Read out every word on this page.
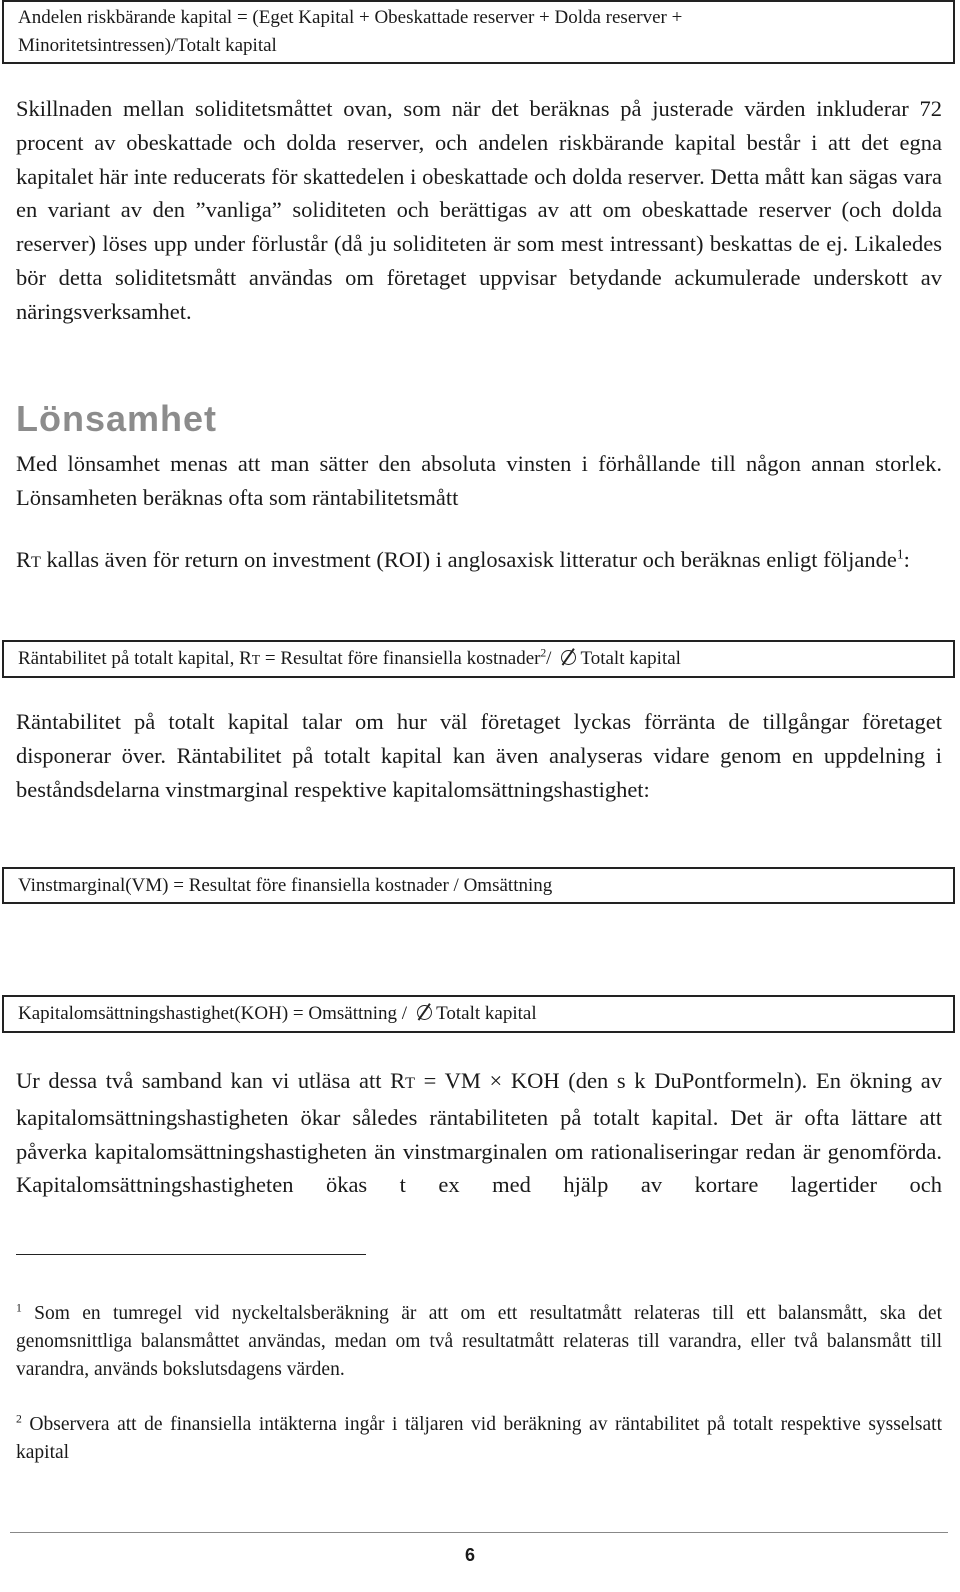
Andelen riskbärande kapital = (Eget Kapital + Obeskattade reserver + Dolda reserver +
Minoritetsintressen)/Totalt kapital

Skillnaden mellan soliditetsmåttet ovan, som när det beräknas på justerade värden inkluderar 72 procent av obeskattade och dolda reserver, och andelen riskbärande kapital består i att det egna kapitalet här inte reducerats för skattedelen i obeskattade och dolda reserver. Detta mått kan sägas vara en variant av den ”vanliga” soliditeten och berättigas av att om obeskattade reserver (och dolda reserver) löses upp under förlustår (då ju soliditeten är som mest intressant) beskattas de ej. Likaledes bör detta soliditetsmått användas om företaget uppvisar betydande ackumulerade underskott av näringsverksamhet.

Lönsamhet

Med lönsamhet menas att man sätter den absoluta vinsten i förhållande till någon annan storlek. Lönsamheten beräknas ofta som räntabilitetsmått

RT kallas även för return on investment (ROI) i anglosaxisk litteratur och beräknas enligt följande$^1$:

Räntabilitet på totalt kapital, RT = Resultat före finansiella kostnader$^2$/ Totalt kapital

Räntabilitet på totalt kapital talar om hur väl företaget lyckas förränta de tillgångar företaget disponerar över. Räntabilitet på totalt kapital kan även analyseras vidare genom en uppdelning i beståndsdelarna vinstmarginal respektive kapitalomsättningshastighet:

Vinstmarginal(VM) = Resultat före finansiella kostnader / Omsättning
Kapitalomsättningshastighet(KOH) = Omsättning / Totalt kapital

Ur dessa två samband kan vi utläsa att RT = VM × KOH (den s k DuPontformeln). En ökning av kapitalomsättningshastigheten ökar således räntabiliteten på totalt kapital. Det är ofta lättare att påverka kapitalomsättningshastigheten än vinstmarginalen om rationaliseringar redan är genomförda. Kapitalomsättningshastigheten ökas t ex med hjälp av kortare lagertider och

$^1$ Som en tumregel vid nyckeltalsberäkning är att om ett resultatmått relateras till ett balansmått, ska det genomsnittliga balansmåttet användas, medan om två resultatmått relateras till varandra, eller två balansmått till varandra, används bokslutsdagens värden.

$^2$ Observera att de finansiella intäkterna ingår i täljaren vid beräkning av räntabilitet på totalt respektive sysselsatt kapital

6
